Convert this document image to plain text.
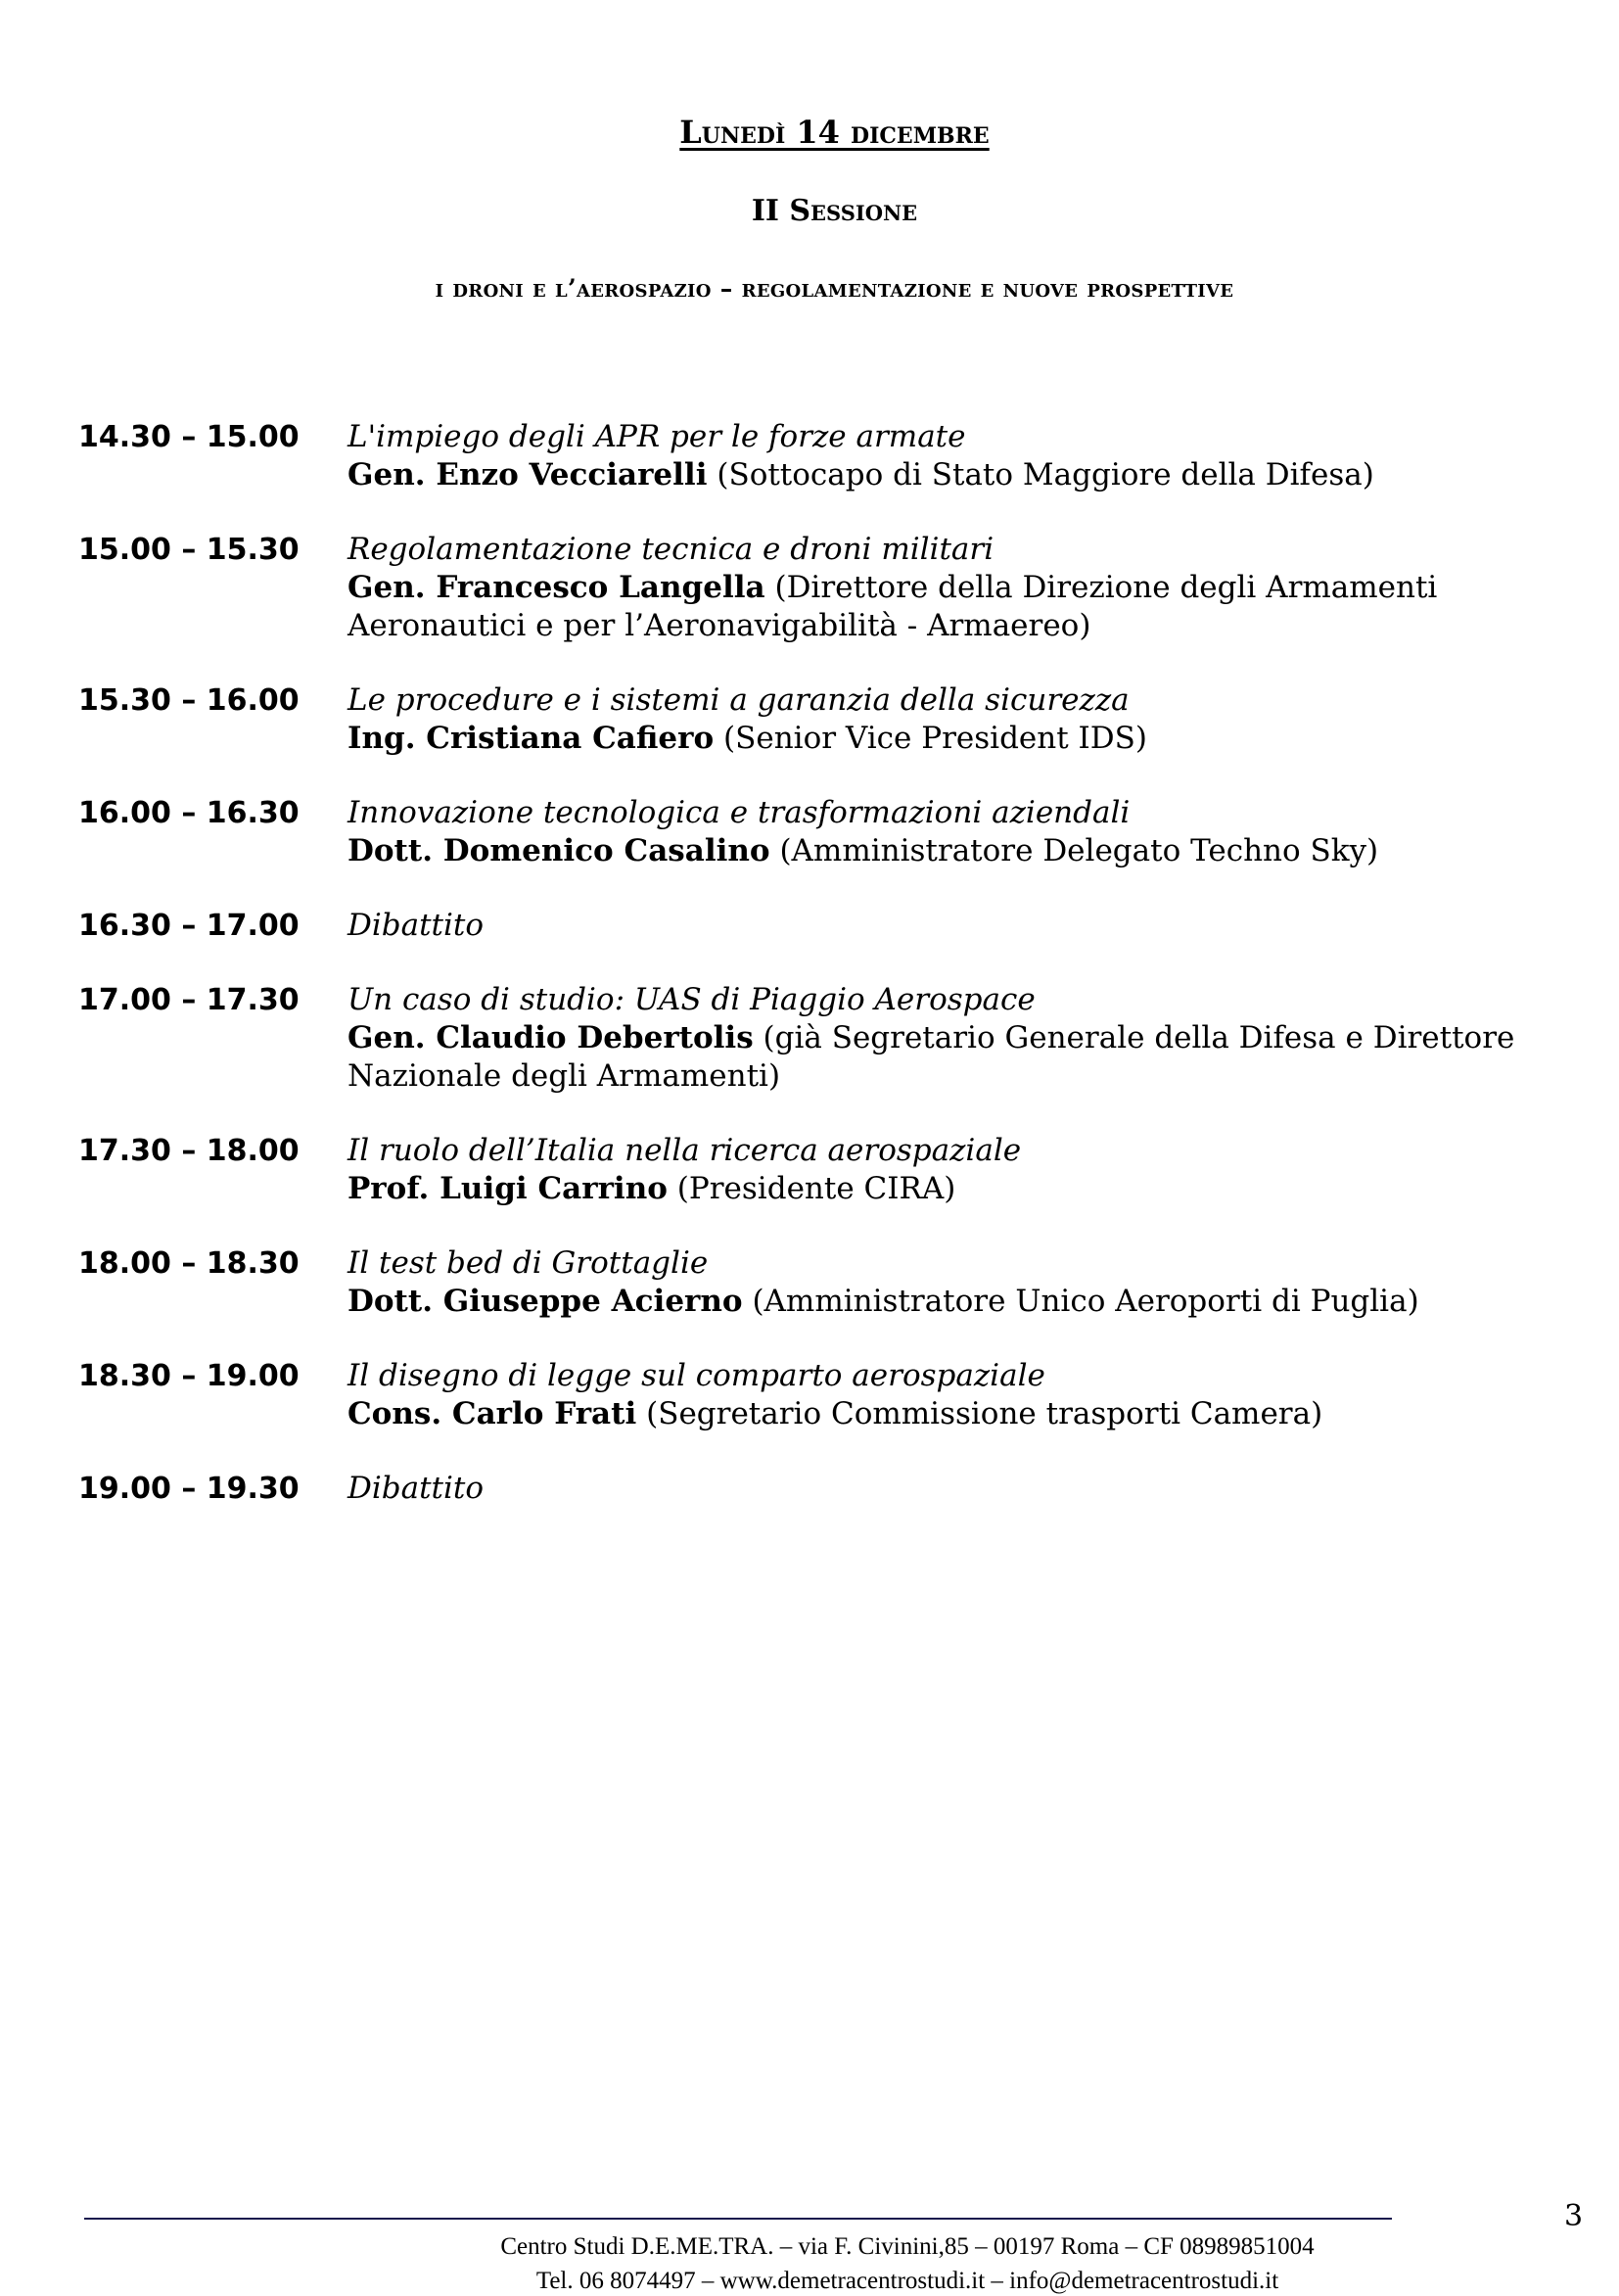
Lunedì 14 dicembre
II Sessione
i droni e l’aerospazio – regolamentazione e nuove prospettive
14.30 – 15.00	L'impiego degli APR per le forze armate
Gen. Enzo Vecciarelli (Sottocapo di Stato Maggiore della Difesa)
15.00 – 15.30	Regolamentazione tecnica e droni militari
Gen. Francesco Langella (Direttore della Direzione degli Armamenti Aeronautici e per l’Aeronavigabilità - Armaereo)
15.30 – 16.00	Le procedure e i sistemi a garanzia della sicurezza
Ing. Cristiana Cafiero (Senior Vice President IDS)
16.00 – 16.30	Innovazione tecnologica e trasformazioni aziendali
Dott. Domenico Casalino (Amministratore Delegato Techno Sky)
16.30 – 17.00	Dibattito
17.00 – 17.30	Un caso di studio: UAS di Piaggio Aerospace
Gen. Claudio Debertolis (già Segretario Generale della Difesa e Direttore Nazionale degli Armamenti)
17.30 – 18.00	Il ruolo dell’Italia nella ricerca aerospaziale
Prof. Luigi Carrino (Presidente CIRA)
18.00 – 18.30	Il test bed di Grottaglie
Dott. Giuseppe Acierno (Amministratore Unico Aeroporti di Puglia)
18.30 – 19.00	Il disegno di legge sul comparto aerospaziale
Cons. Carlo Frati (Segretario Commissione trasporti Camera)
19.00 – 19.30	Dibattito
3
Centro Studi D.E.ME.TRA. – via F. Civinini,85 – 00197 Roma – CF 08989851004
Tel. 06 8074497 – www.demetracentrostudi.it – info@demetracentrostudi.it
